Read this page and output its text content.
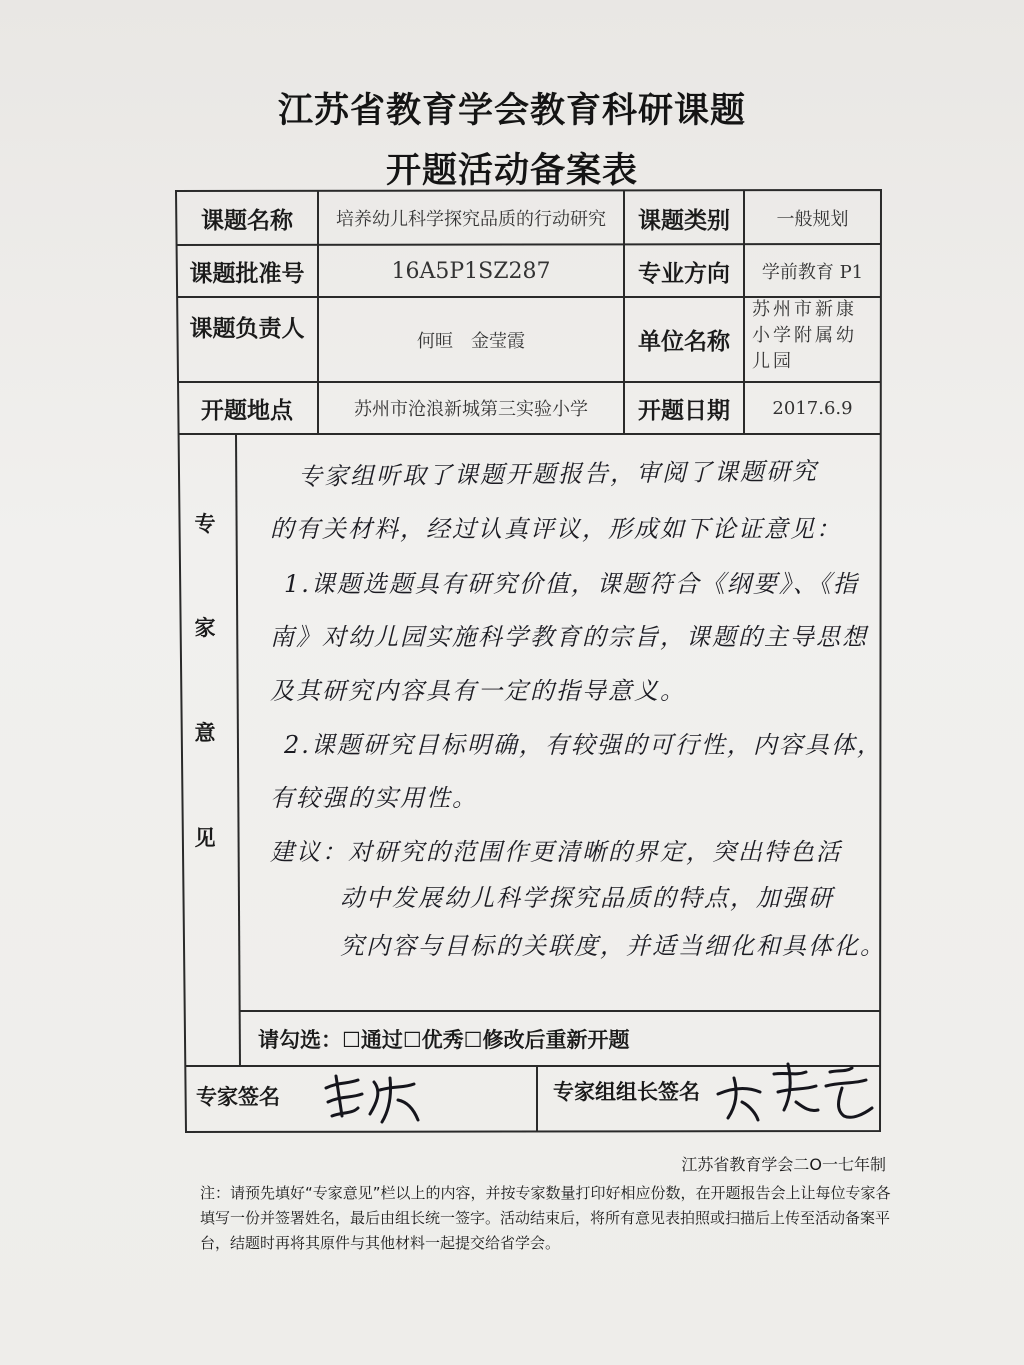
江苏省教育学会教育科研课题
开题活动备案表
课题名称	培养幼儿科学探究品质的行动研究	课题类别	一般规划
课题批准号	16A5P1SZ287	专业方向	学前教育 P1
课题负责人	何晅　金莹霞	单位名称
苏州市新康
小学附属幼
儿园
开题地点	苏州市沧浪新城第三实验小学	开题日期	2017.6.9
专
家
意
见
专家组听取了课题开题报告，审阅了课题研究
的有关材料，经过认真评议，形成如下论证意见：
1.课题选题具有研究价值，课题符合《纲要》、《指
南》对幼儿园实施科学教育的宗旨，课题的主导思想
及其研究内容具有一定的指导意义。
2.课题研究目标明确，有较强的可行性，内容具体，
有较强的实用性。
建议：对研究的范围作更清晰的界定，突出特色活
动中发展幼儿科学探究品质的特点，加强研
究内容与目标的关联度，并适当细化和具体化。
请勾选：☐通过☐优秀☐修改后重新开题
专家签名	专家组组长签名
江苏省教育学会二O一七年制
注：请预先填好“专家意见”栏以上的内容，并按专家数量打印好相应份数，在开题报告会上让每位专家各填写一份并签署姓名，最后由组长统一签字。活动结束后，将所有意见表拍照或扫描后上传至活动备案平台，结题时再将其原件与其他材料一起提交给省学会。
